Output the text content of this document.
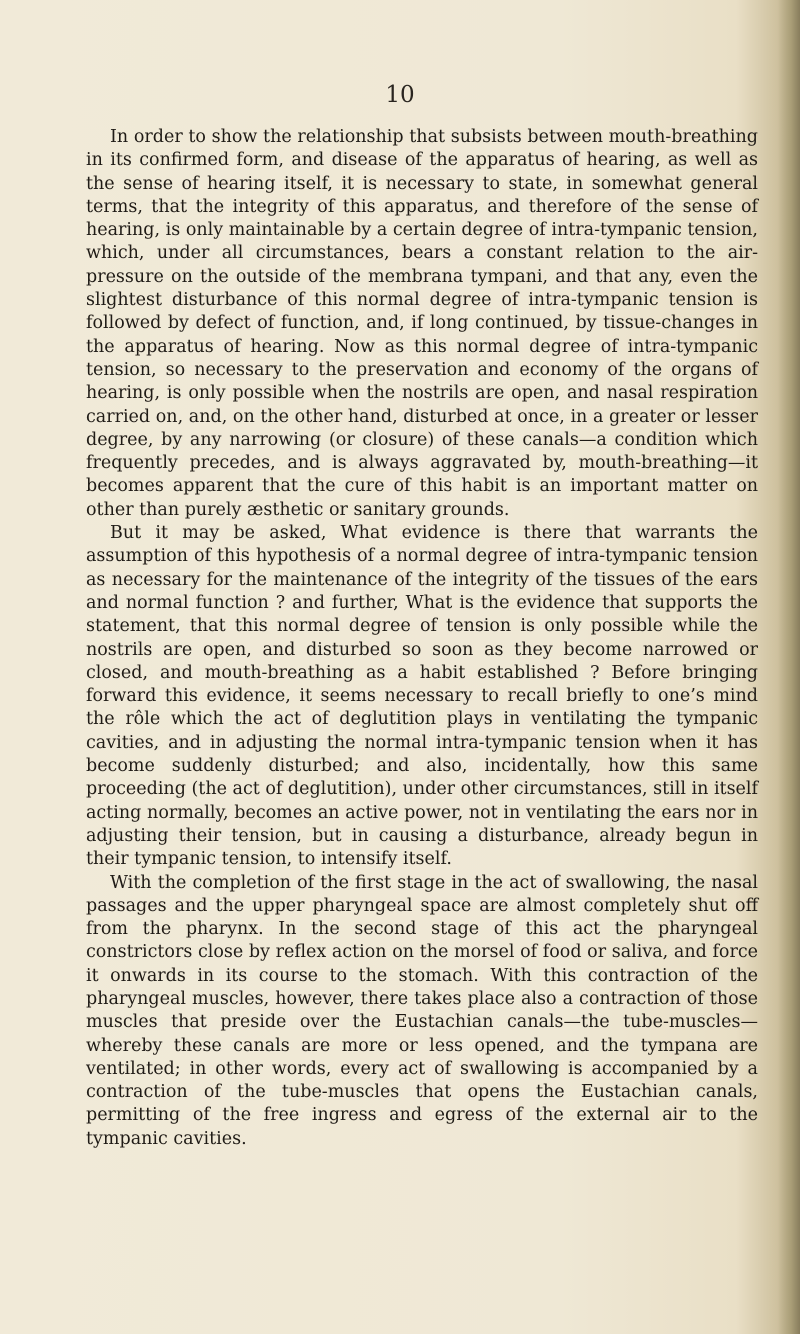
10

In order to show the relationship that subsists between mouth-breathing in its confirmed form, and disease of the apparatus of hearing, as well as the sense of hearing itself, it is necessary to state, in somewhat general terms, that the integrity of this apparatus, and therefore of the sense of hearing, is only maintainable by a certain degree of intra-tympanic tension, which, under all circumstances, bears a constant relation to the air-pressure on the outside of the membrana tympani, and that any, even the slightest disturbance of this normal degree of intra-tympanic tension is followed by defect of function, and, if long continued, by tissue-changes in the apparatus of hearing. Now as this normal degree of intra-tympanic tension, so necessary to the preservation and economy of the organs of hearing, is only possible when the nostrils are open, and nasal respiration carried on, and, on the other hand, disturbed at once, in a greater or lesser degree, by any narrowing (or closure) of these canals—a condition which frequently precedes, and is always aggravated by, mouth-breathing—it becomes apparent that the cure of this habit is an important matter on other than purely æsthetic or sanitary grounds.

But it may be asked, What evidence is there that warrants the assumption of this hypothesis of a normal degree of intra-tympanic tension as necessary for the maintenance of the integrity of the tissues of the ears and normal function ? and further, What is the evidence that supports the statement, that this normal degree of tension is only possible while the nostrils are open, and disturbed so soon as they become narrowed or closed, and mouth-breathing as a habit established ? Before bringing forward this evidence, it seems necessary to recall briefly to one’s mind the rôle which the act of deglutition plays in ventilating the tympanic cavities, and in adjusting the normal intra-tympanic tension when it has become suddenly disturbed; and also, incidentally, how this same proceeding (the act of deglutition), under other circumstances, still in itself acting normally, becomes an active power, not in ventilating the ears nor in adjusting their tension, but in causing a disturbance, already begun in their tympanic tension, to intensify itself.

With the completion of the first stage in the act of swallowing, the nasal passages and the upper pharyngeal space are almost completely shut off from the pharynx. In the second stage of this act the pharyngeal constrictors close by reflex action on the morsel of food or saliva, and force it onwards in its course to the stomach. With this contraction of the pharyngeal muscles, however, there takes place also a contraction of those muscles that preside over the Eustachian canals—the tube-muscles—whereby these canals are more or less opened, and the tympana are ventilated; in other words, every act of swallowing is accompanied by a contraction of the tube-muscles that opens the Eustachian canals, permitting of the free ingress and egress of the external air to the tympanic cavities.
